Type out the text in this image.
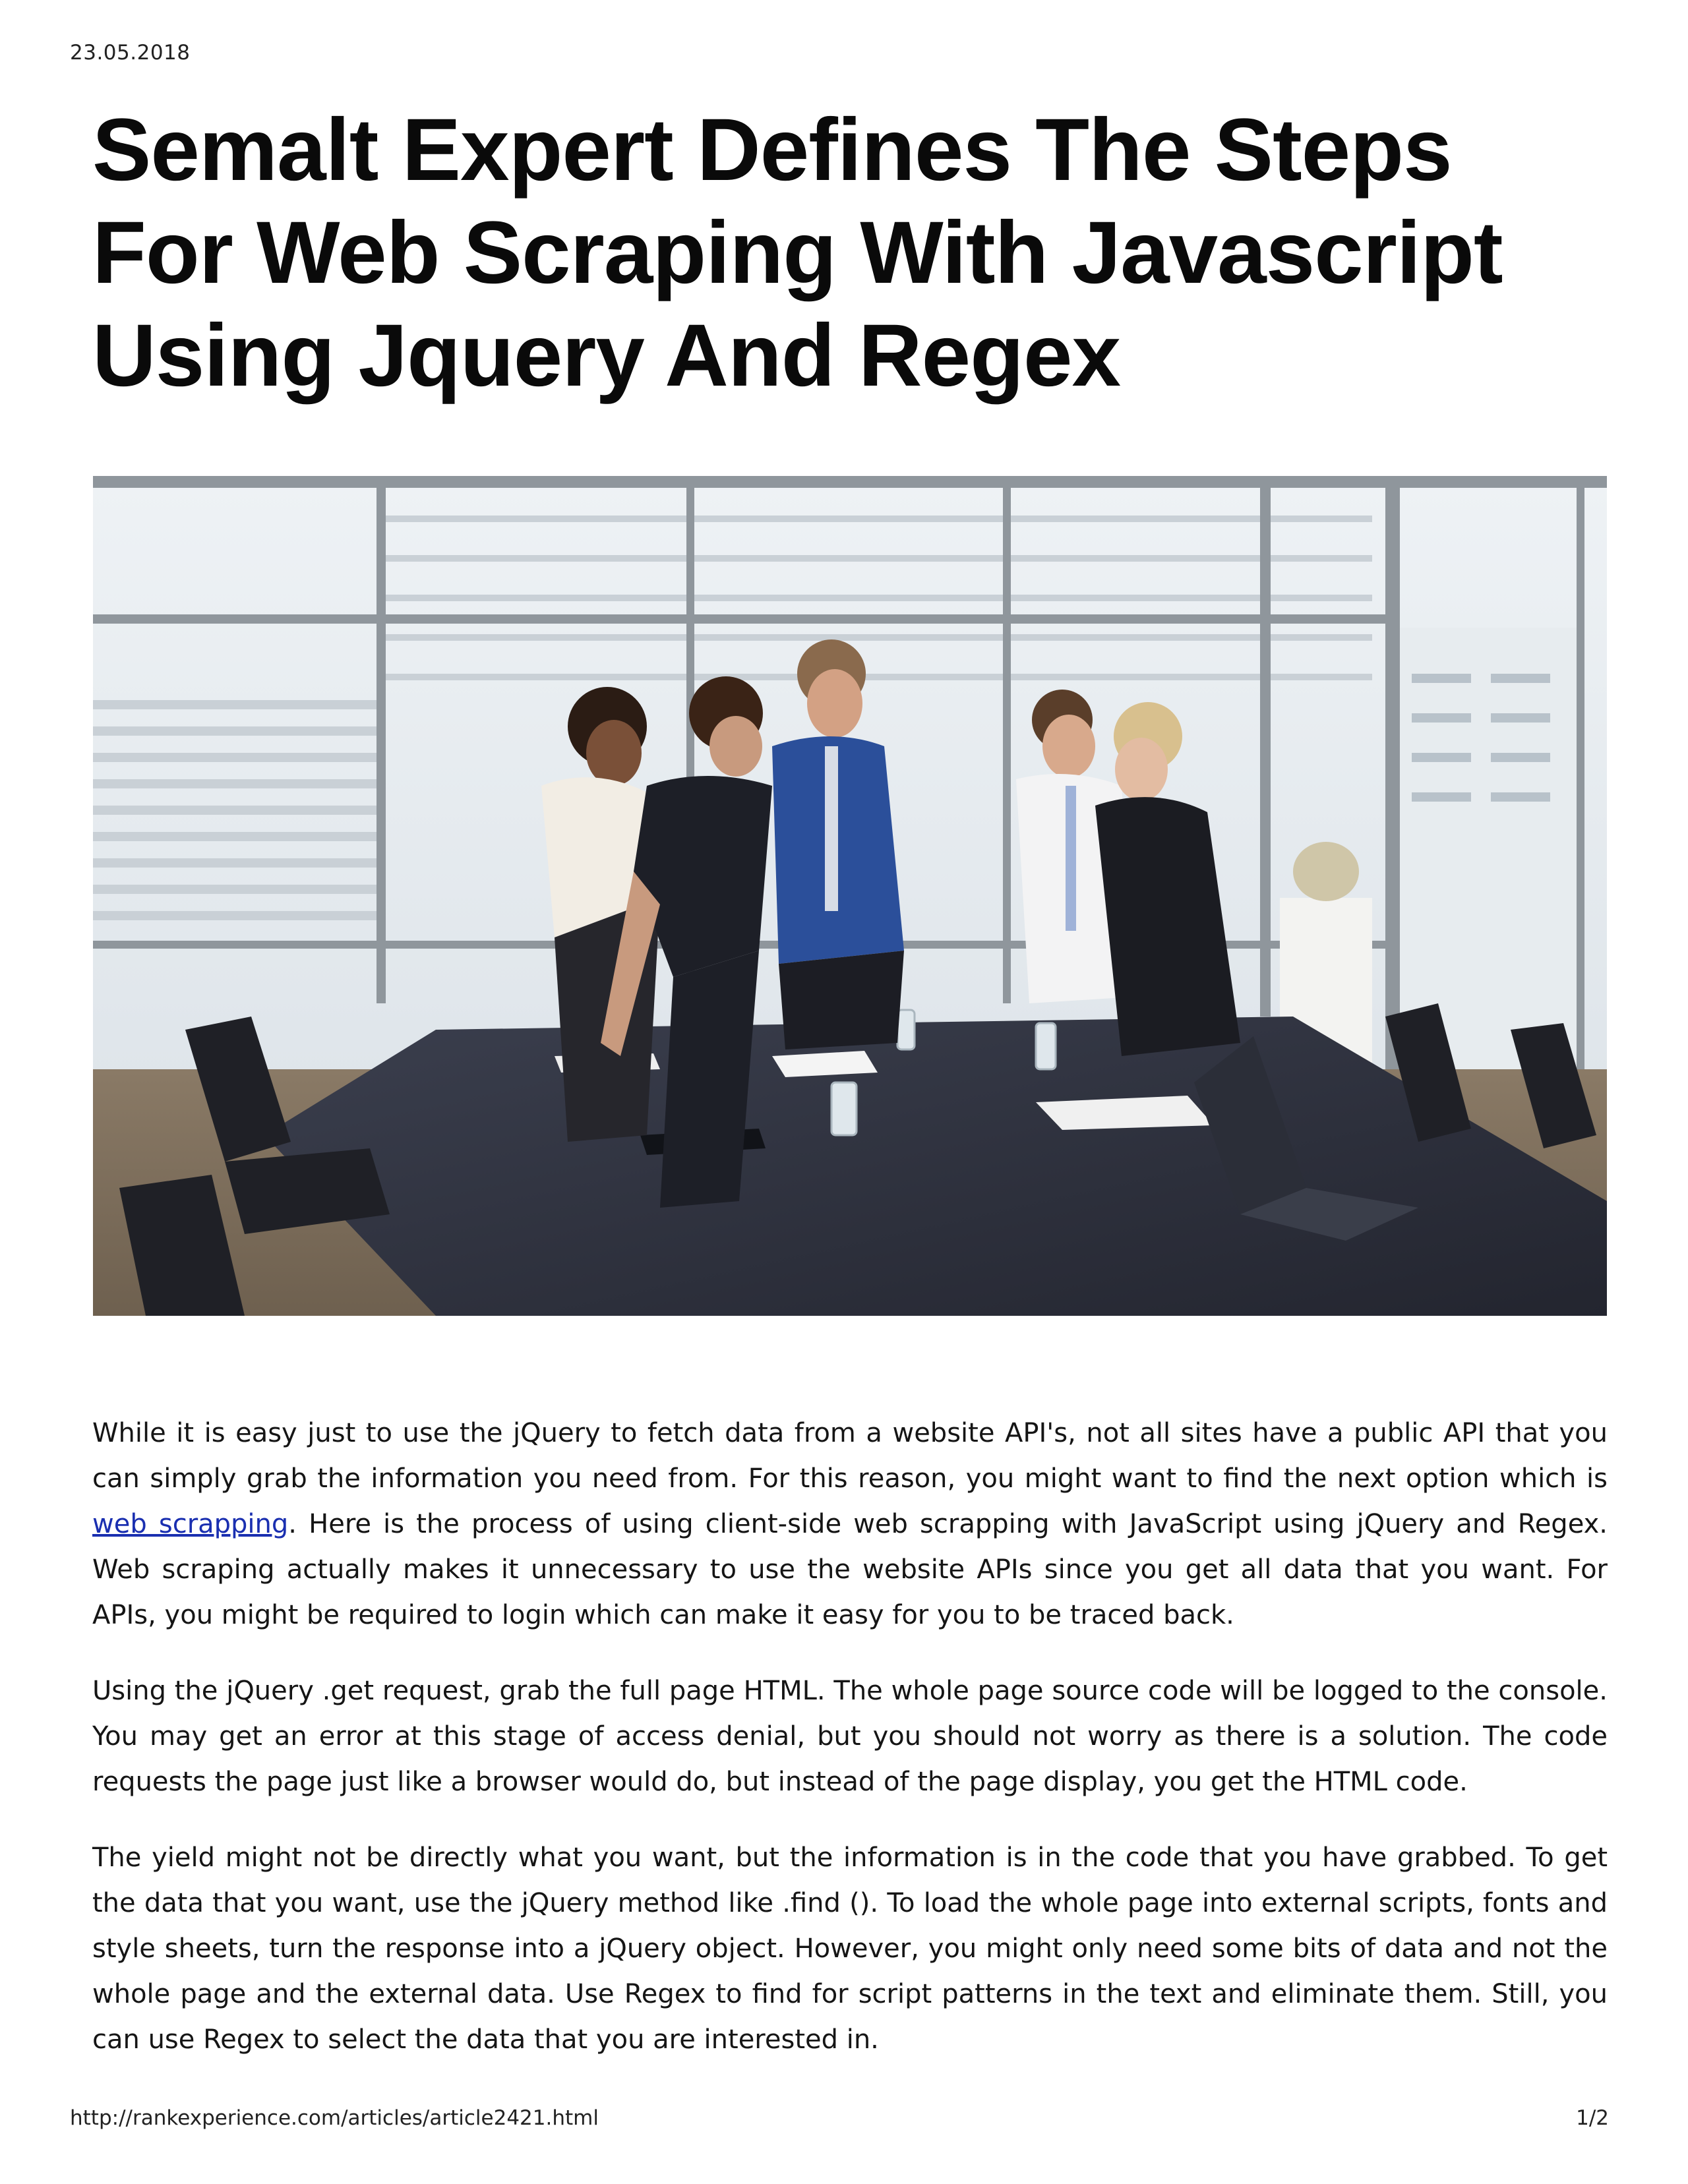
23.05.2018
Semalt Expert Defines The Steps For Web Scraping With Javascript Using Jquery And Regex

While it is easy just to use the jQuery to fetch data from a website API's, not all sites have a public API that you can simply grab the information you need from. For this reason, you might want to find the next option which is web scrapping. Here is the process of using client-side web scrapping with JavaScript using jQuery and Regex. Web scraping actually makes it unnecessary to use the website APIs since you get all data that you want. For APIs, you might be required to login which can make it easy for you to be traced back.

Using the jQuery .get request, grab the full page HTML. The whole page source code will be logged to the console. You may get an error at this stage of access denial, but you should not worry as there is a solution. The code requests the page just like a browser would do, but instead of the page display, you get the HTML code.

The yield might not be directly what you want, but the information is in the code that you have grabbed. To get the data that you want, use the jQuery method like .find (). To load the whole page into external scripts, fonts and style sheets, turn the response into a jQuery object. However, you might only need some bits of data and not the whole page and the external data. Use Regex to find for script patterns in the text and eliminate them. Still, you can use Regex to select the data that you are interested in.

http://rankexperience.com/articles/article2421.html	1/2
